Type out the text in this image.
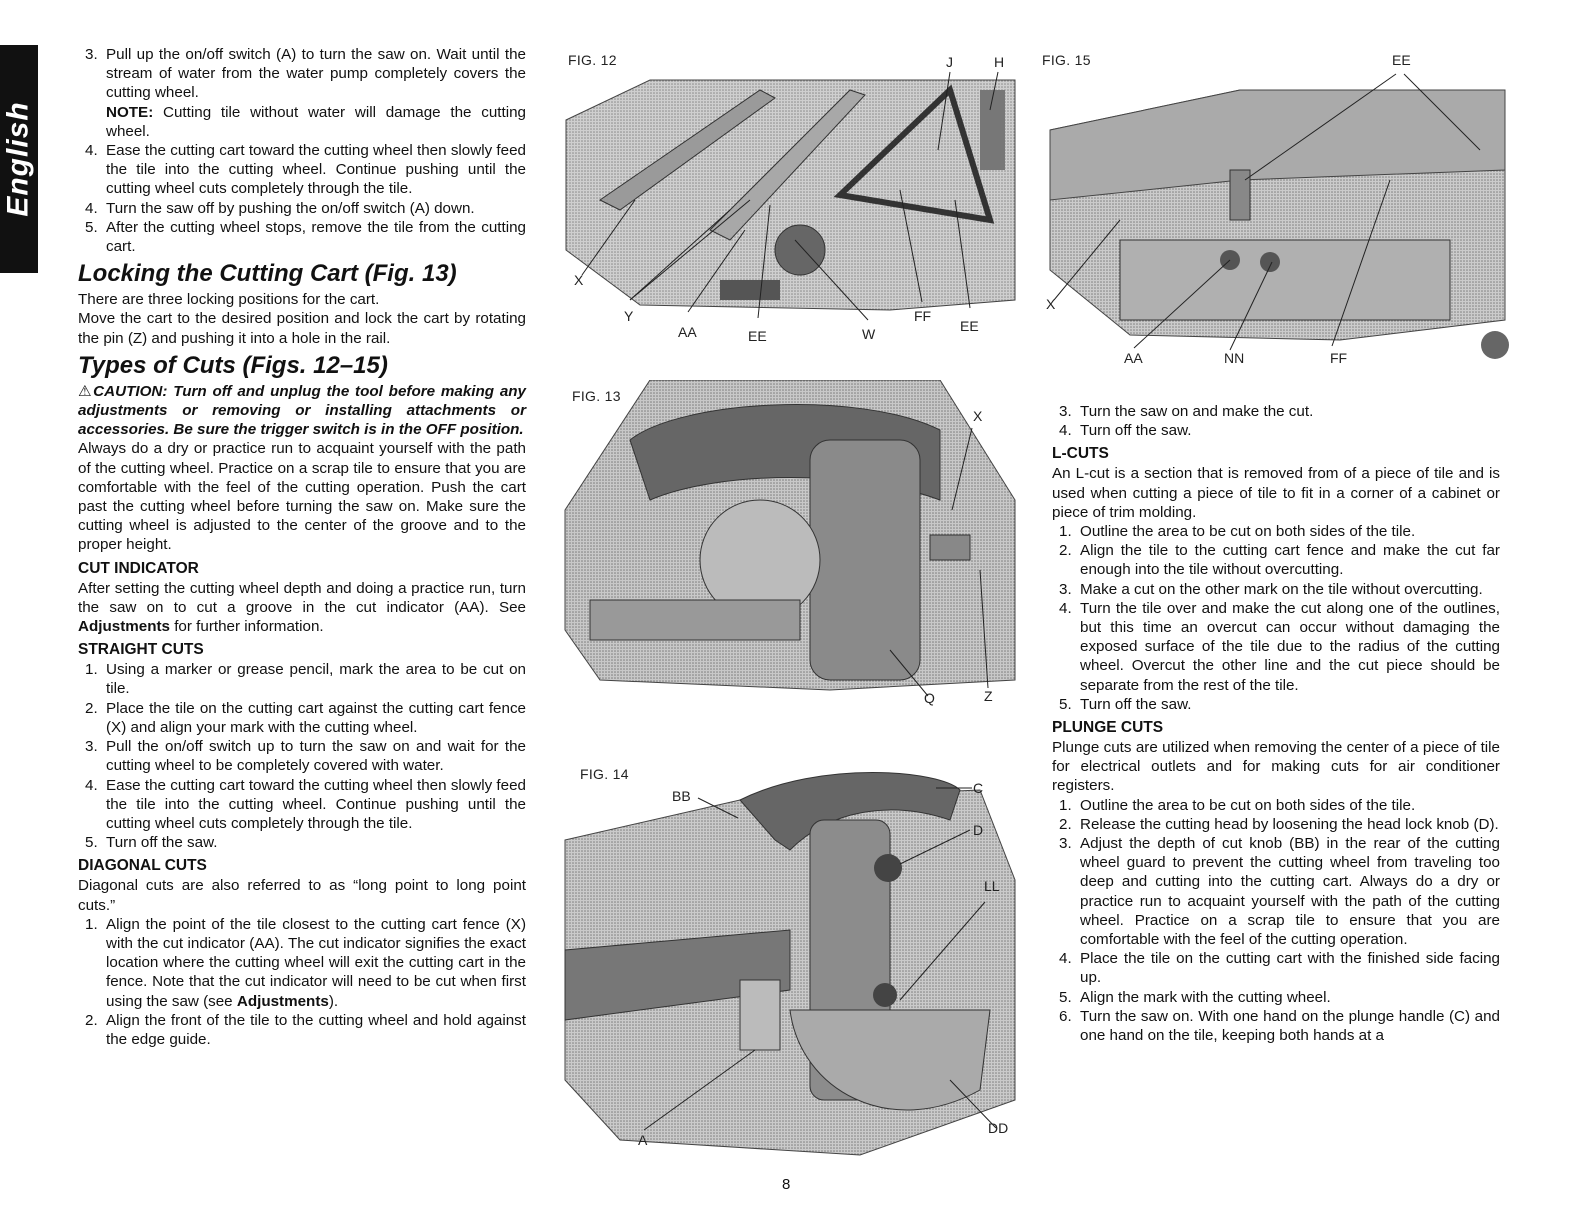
English
3. Pull up the on/off switch (A) to turn the saw on. Wait until the stream of water from the water pump completely covers the cutting wheel.
NOTE: Cutting tile without water will damage the cutting wheel.
4. Ease the cutting cart toward the cutting wheel then slowly feed the tile into the cutting wheel. Continue pushing until the cutting wheel cuts completely through the tile.
4. Turn the saw off by pushing the on/off switch (A) down.
5. After the cutting wheel stops, remove the tile from the cutting cart.
Locking the Cutting Cart (Fig. 13)
There are three locking positions for the cart.
Move the cart to the desired position and lock the cart by rotating the pin (Z) and pushing it into a hole in the rail.
Types of Cuts (Figs. 12–15)
⚠CAUTION: Turn off and unplug the tool before making any adjustments or removing or installing attachments or accessories. Be sure the trigger switch is in the OFF position.
Always do a dry or practice run to acquaint yourself with the path of the cutting wheel. Practice on a scrap tile to ensure that you are comfortable with the feel of the cutting operation. Push the cart past the cutting wheel before turning the saw on. Make sure the cutting wheel is adjusted to the center of the groove and to the proper height.
CUT INDICATOR
After setting the cutting wheel depth and doing a practice run, turn the saw on to cut a groove in the cut indicator (AA). See Adjustments for further information.
STRAIGHT CUTS
1. Using a marker or grease pencil, mark the area to be cut on tile.
2. Place the tile on the cutting cart against the cutting cart fence (X) and align your mark with the cutting wheel.
3. Pull the on/off switch up to turn the saw on and wait for the cutting wheel to be completely covered with water.
4. Ease the cutting cart toward the cutting wheel then slowly feed the tile into the cutting wheel. Continue pushing until the cutting wheel cuts completely through the tile.
5. Turn off the saw.
DIAGONAL CUTS
Diagonal cuts are also referred to as “long point to long point cuts.”
1. Align the point of the tile closest to the cutting cart fence (X) with the cut indicator (AA). The cut indicator signifies the exact location where the cutting wheel will exit the cutting cart in the fence. Note that the cut indicator will need to be cut when first using the saw (see Adjustments).
2. Align the front of the tile to the cutting wheel and hold against the edge guide.
FIG. 12	J	H
X
Y
AA	EE	W
FF
EE
FIG. 13
X
Q	Z
FIG. 14
BB	C
D
LL
A
DD
FIG. 15	EE
X
AA	NN	FF
3. Turn the saw on and make the cut.
4. Turn off the saw.
L-CUTS
An L-cut is a section that is removed from of a piece of tile and is used when cutting a piece of tile to fit in a corner of a cabinet or piece of trim molding.
1. Outline the area to be cut on both sides of the tile.
2. Align the tile to the cutting cart fence and make the cut far enough into the tile without overcutting.
3. Make a cut on the other mark on the tile without overcutting.
4. Turn the tile over and make the cut along one of the outlines, but this time an overcut can occur without damaging the exposed surface of the tile due to the radius of the cutting wheel. Overcut the other line and the cut piece should be separate from the rest of the tile.
5. Turn off the saw.
PLUNGE CUTS
Plunge cuts are utilized when removing the center of a piece of tile for electrical outlets and for making cuts for air conditioner registers.
1. Outline the area to be cut on both sides of the tile.
2. Release the cutting head by loosening the head lock knob (D).
3. Adjust the depth of cut knob (BB) in the rear of the cutting wheel guard to prevent the cutting wheel from traveling too deep and cutting into the cutting cart. Always do a dry or practice run to acquaint yourself with the path of the cutting wheel. Practice on a scrap tile to ensure that you are comfortable with the feel of the cutting operation.
4. Place the tile on the cutting cart with the finished side facing up.
5. Align the mark with the cutting wheel.
6. Turn the saw on. With one hand on the plunge handle (C) and one hand on the tile, keeping both hands at a
8
